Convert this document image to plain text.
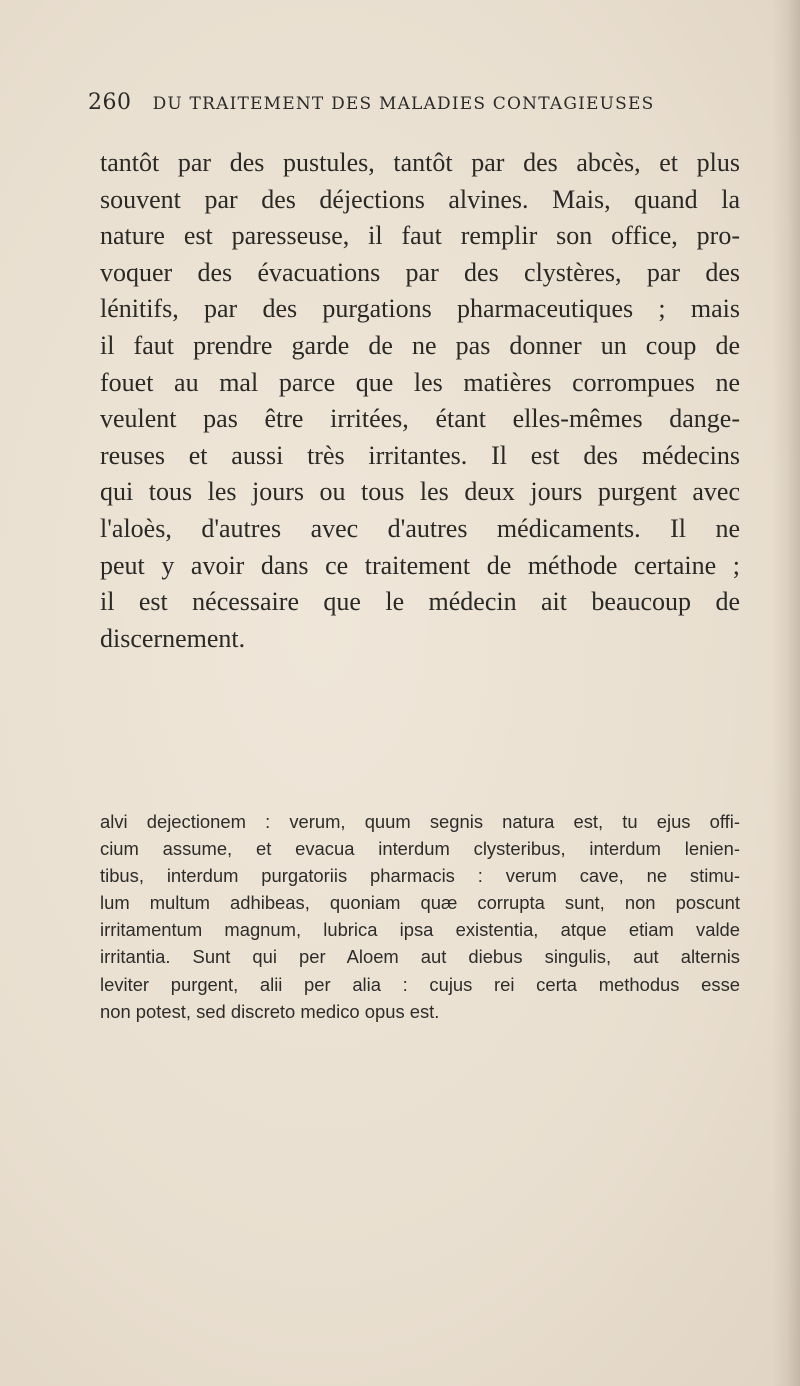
260 DU TRAITEMENT DES MALADIES CONTAGIEUSES
tantôt par des pustules, tantôt par des abcès, et plus
souvent par des déjections alvines. Mais, quand la
nature est paresseuse, il faut remplir son office, pro-
voquer des évacuations par des clystères, par des
lénitifs, par des purgations pharmaceutiques ; mais
il faut prendre garde de ne pas donner un coup de
fouet au mal parce que les matières corrompues ne
veulent pas être irritées, étant elles-mêmes dange-
reuses et aussi très irritantes. Il est des médecins
qui tous les jours ou tous les deux jours purgent avec
l'aloès, d'autres avec d'autres médicaments. Il ne
peut y avoir dans ce traitement de méthode certaine ;
il est nécessaire que le médecin ait beaucoup de
discernement.
alvi dejectionem : verum, quum segnis natura est, tu ejus offi-
cium assume, et evacua interdum clysteribus, interdum lenien-
tibus, interdum purgatoriis pharmacis : verum cave, ne stimu-
lum multum adhibeas, quoniam quæ corrupta sunt, non poscunt
irritamentum magnum, lubrica ipsa existentia, atque etiam valde
irritantia. Sunt qui per Aloem aut diebus singulis, aut alternis
leviter purgent, alii per alia : cujus rei certa methodus esse
non potest, sed discreto medico opus est.
